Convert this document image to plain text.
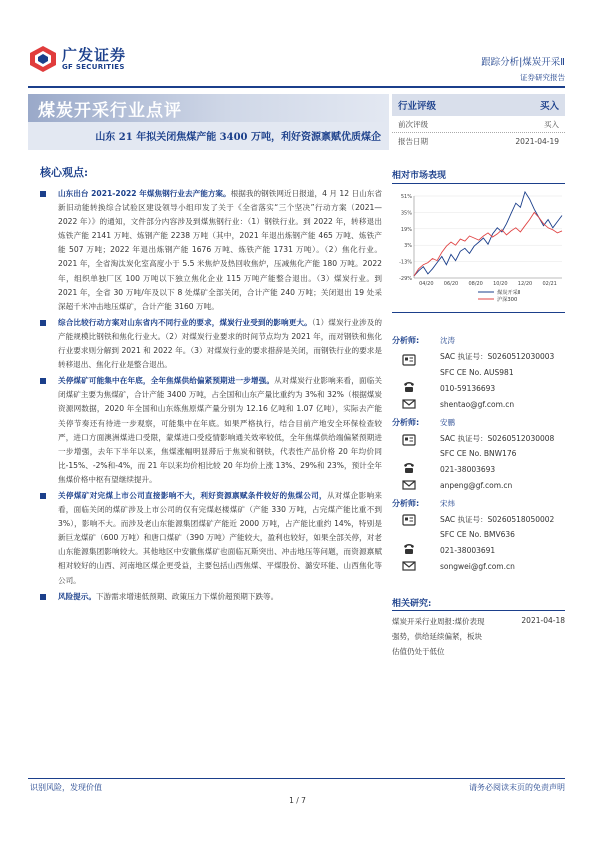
广发证券
GF SECURITIES	跟踪分析|煤炭开采Ⅱ
证券研究报告
煤炭开采行业点评
山东 21 年拟关闭焦煤产能 3400 万吨，利好资源禀赋优质煤企
行业评级	买入
前次评级	买入
报告日期	2021-04-19
核心观点:
山东出台 2021-2022 年煤焦钢行业去产能方案。根据我的钢铁网近日报道，4 月 12 日山东省新旧动能转换综合试验区建设领导小组印发了关于《全省落实“三个坚决”行动方案（2021—2022 年）》的通知，文件部分内容涉及到煤焦钢行业：（1）钢铁行业。到 2022 年，转移退出炼铁产能 2141 万吨、炼钢产能 2238 万吨（其中，2021 年退出炼钢产能 465 万吨、炼铁产能 507 万吨；2022 年退出炼钢产能 1676 万吨、炼铁产能 1731 万吨）。（2）焦化行业。2021 年，全省淘汰炭化室高度小于 5.5 米焦炉及热回收焦炉，压减焦化产能 180 万吨。2022 年，组织单独厂区 100 万吨以下独立焦化企业 115 万吨产能整合退出。（3）煤炭行业。到 2021 年，全省 30 万吨/年及以下 8 处煤矿全部关闭，合计产能 240 万吨；关闭退出 19 处采深超千米冲击地压煤矿，合计产能 3160 万吨。
综合比较行动方案对山东省内不同行业的要求，煤炭行业受到的影响更大。（1）煤炭行业涉及的产能规模比钢铁和焦化行业大。（2）对煤炭行业要求的时间节点均为 2021 年，而对钢铁和焦化行业要求则分解到 2021 和 2022 年。（3）对煤炭行业的要求措辞是关闭，而钢铁行业的要求是转移退出、焦化行业是整合退出。
关停煤矿可能集中在年底，全年焦煤供给偏紧预期进一步增强。从对煤炭行业影响来看，面临关闭煤矿主要为焦煤矿，合计产能 3400 万吨，占全国和山东产量比重约为 3%和 32%（根据煤炭资源网数据，2020 年全国和山东炼焦原煤产量分别为 12.16 亿吨和 1.07 亿吨），实际去产能关停节奏还有待进一步观察，可能集中在年底。如果严格执行，结合目前产地安全环保检查较严，进口方面澳洲煤进口受限，蒙煤进口受疫情影响通关效率较低，全年焦煤供给端偏紧预期进一步增强，去年下半年以来，焦煤涨幅明显滞后于焦炭和钢铁，代表性产品价格 20 年均价同比-15%、-2%和-4%，而 21 年以来均价相比较 20 年均价上涨 13%、29%和 23%，预计全年焦煤价格中枢有望继续提升。
关停煤矿对完煤上市公司直接影响不大，利好资源禀赋条件较好的焦煤公司，从对煤企影响来看，面临关闭的煤矿涉及上市公司的仅有完煤赵楼煤矿（产能 330 万吨，占完煤产能比重不到 3%），影响不大。而涉及老山东能源集团煤矿产能近 2000 万吨，占产能比重约 14%，特别是新巨龙煤矿（600 万吨）和唐口煤矿（390 万吨）产能较大，盈利也较好，如果全部关停，对老山东能源集团影响较大。其他地区中安徽焦煤矿也面临瓦斯突出、冲击地压等问题，而资源禀赋相对较好的山西、河南地区煤企更受益，主要包括山西焦煤、平煤股份、潞安环能、山西焦化等公司。
风险提示。下游需求增速低预期、政策压力下煤价超预期下跌等。
相对市场表现
51%
35%
19%
3%
-13%
-29%
04/20 06/20 08/20 10/20 12/20 02/21
煤炭开采Ⅱ
沪深300
分析师:	沈涛
SAC 执证号：S0260512030003
SFC CE No. AUS981
010-59136693
shentao@gf.com.cn
分析师:	安鹏
SAC 执证号：S0260512030008
SFC CE No. BNW176
021-38003693
anpeng@gf.com.cn
分析师:	宋炜
SAC 执证号：S0260518050002
SFC CE No. BMV636
021-38003691
songwei@gf.com.cn
相关研究:
煤炭开采行业周报:煤价表现	2021-04-18
强势，供给延续偏紧，板块
估值仍处于低位
识别风险，发现价值	请务必阅读末页的免责声明
1 / 7
